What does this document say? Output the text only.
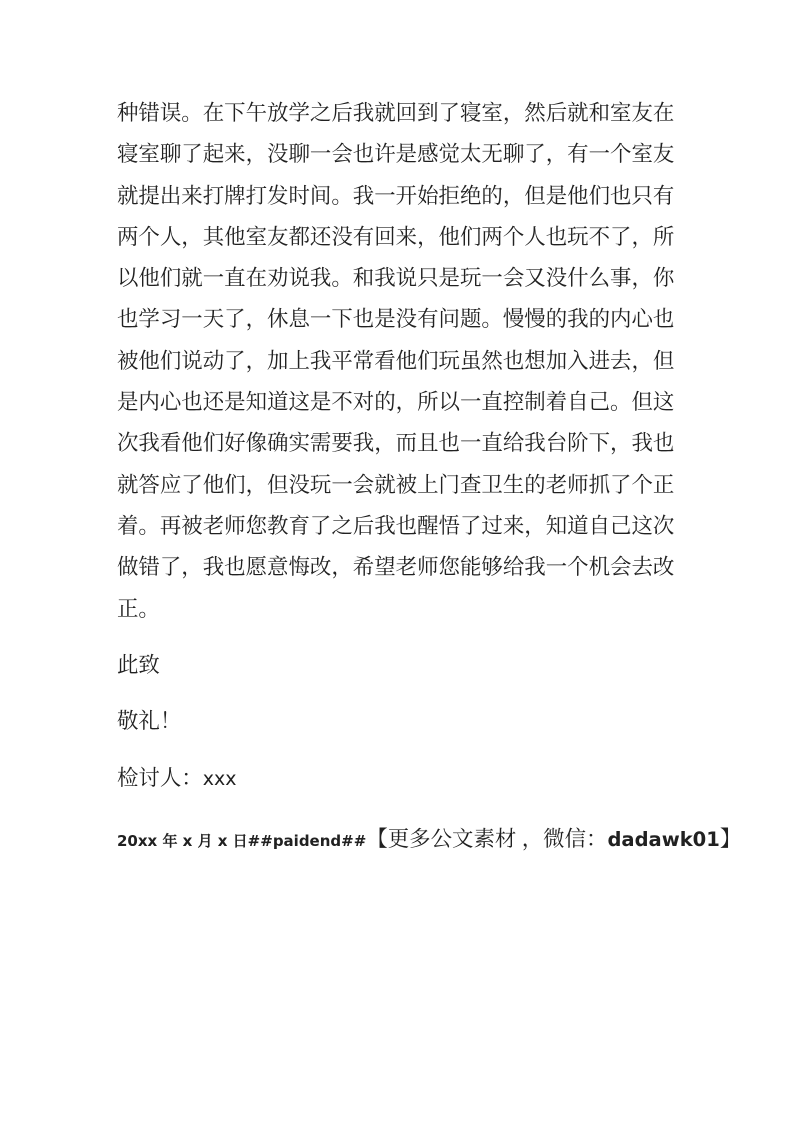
种错误。在下午放学之后我就回到了寝室，然后就和室友在
寝室聊了起来，没聊一会也许是感觉太无聊了，有一个室友
就提出来打牌打发时间。我一开始拒绝的，但是他们也只有
两个人，其他室友都还没有回来，他们两个人也玩不了，所
以他们就一直在劝说我。和我说只是玩一会又没什么事，你
也学习一天了，休息一下也是没有问题。慢慢的我的内心也
被他们说动了，加上我平常看他们玩虽然也想加入进去，但
是内心也还是知道这是不对的，所以一直控制着自己。但这
次我看他们好像确实需要我，而且也一直给我台阶下，我也
就答应了他们，但没玩一会就被上门查卫生的老师抓了个正
着。再被老师您教育了之后我也醒悟了过来，知道自己这次
做错了，我也愿意悔改，希望老师您能够给我一个机会去改
正。
此致
敬礼！
检讨人：xxx
20xx 年 x 月 x 日##paidend##【更多公文素材 ，微信：dadawk01】
